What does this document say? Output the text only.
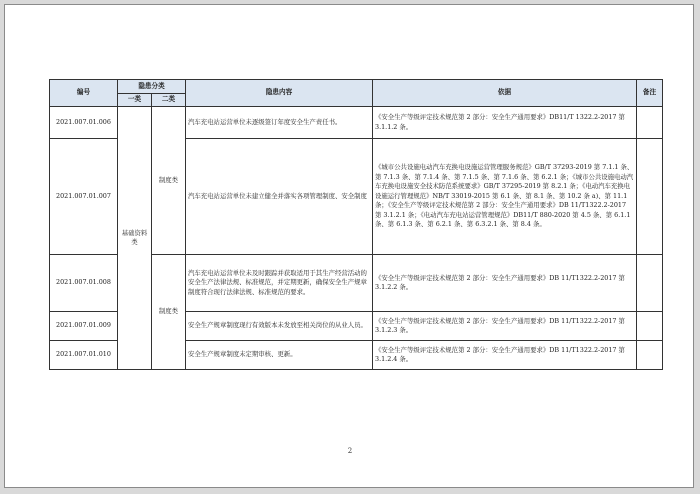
编号	隐患分类		隐患内容	依据	备注
	一类	二类			
2021.007.01.006	基础资料类	制度类	汽车充电站运营单位未逐级签订年度安全生产责任书。	《安全生产等级评定技术规范第 2 部分：安全生产通用要求》DB11/T 1322.2-2017 第 3.1.1.2 条。	
2021.007.01.007			汽车充电站运营单位未建立健全并落实各项管理制度、安全制度	《城市公共设施电动汽车充换电设施运营管理服务规范》GB/T 37293-2019 第 7.1.1 条、第 7.1.3 条、第 7.1.4 条、第 7.1.5 条、第 7.1.6 条、第 6.2.1 条；《城市公共设施电动汽车充换电设施安全技术防范系统要求》GB/T 37295-2019 第 8.2.1 条；《电动汽车充换电设施运行管理规范》NB/T 33019-2015 第 6.1 条、第 8.1 条、第 10.2 条 a)、第 11.1 条；《安全生产等级评定技术规范第 2 部分：安全生产通用要求》DB 11/T1322.2-2017 第 3.1.2.1 条；《电动汽车充电站运营管理规范》DB11/T 880-2020 第 4.5 条、第 6.1.1 条、第 6.1.3 条、第 6.2.1 条、第 6.3.2.1 条、第 8.4 条。	
2021.007.01.008		制度类	汽车充电站运营单位未及时跟踪并获取适用于其生产经营活动的安全生产法律法规、标准规范，并定期更新，确保安全生产规章制度符合现行法律法规、标准规范的要求。	《安全生产等级评定技术规范第 2 部分：安全生产通用要求》DB 11/T1322.2-2017 第 3.1.2.2 条。	
2021.007.01.009			安全生产规章制度现行有效版本未发放至相关岗位的从业人员。	《安全生产等级评定技术规范第 2 部分：安全生产通用要求》DB 11/T1322.2-2017 第 3.1.2.3 条。	
2021.007.01.010			安全生产规章制度未定期审核、更新。	《安全生产等级评定技术规范第 2 部分：安全生产通用要求》DB 11/T1322.2-2017 第 3.1.2.4 条。	
2
